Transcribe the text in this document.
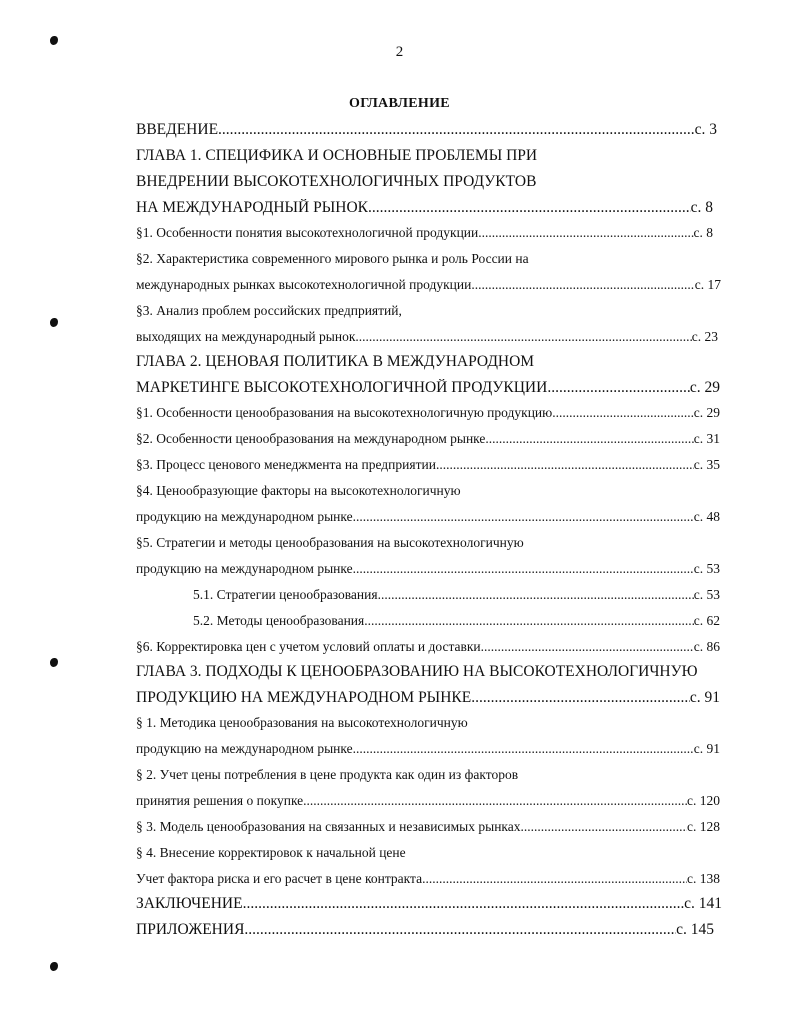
2
ОГЛАВЛЕНИЕ
ВВЕДЕНИЕ .....	с. 3
ГЛАВА 1. СПЕЦИФИКА И ОСНОВНЫЕ ПРОБЛЕМЫ ПРИ
ВНЕДРЕНИИ ВЫСОКОТЕХНОЛОГИЧНЫХ ПРОДУКТОВ
НА МЕЖДУНАРОДНЫЙ РЫНОК .....	с. 8
§1. Особенности понятия высокотехнологичной продукции .....	с. 8
§2. Характеристика современного мирового рынка и роль России на
международных рынках высокотехнологичной продукции .....	с. 17
§3. Анализ проблем российских предприятий,
выходящих на международный рынок .....	с. 23
ГЛАВА 2. ЦЕНОВАЯ ПОЛИТИКА В МЕЖДУНАРОДНОМ
МАРКЕТИНГЕ ВЫСОКОТЕХНОЛОГИЧНОЙ ПРОДУКЦИИ .....	с. 29
§1. Особенности ценообразования на высокотехнологичную продукцию .....	с. 29
§2. Особенности ценообразования на международном рынке .....	с. 31
§3. Процесс ценового менеджмента на предприятии .....	с. 35
§4. Ценообразующие факторы на высокотехнологичную
продукцию на международном рынке .....	с. 48
§5. Стратегии и методы ценообразования на высокотехнологичную
продукцию на международном рынке .....	с. 53
5.1. Стратегии ценообразования .....	с. 53
5.2. Методы ценообразования .....	с. 62
§6. Корректировка цен с учетом условий оплаты и доставки .....	с. 86
ГЛАВА 3. ПОДХОДЫ К ЦЕНООБРАЗОВАНИЮ НА ВЫСОКОТЕХНОЛОГИЧНУЮ
ПРОДУКЦИЮ НА МЕЖДУНАРОДНОМ РЫНКЕ .....	с. 91
§ 1. Методика ценообразования на высокотехнологичную
продукцию на международном рынке .....	с. 91
§ 2. Учет цены потребления в цене продукта как один из факторов
принятия решения о покупке .....	с. 120
§ 3. Модель ценообразования на связанных и независимых рынках .....	с. 128
§ 4. Внесение корректировок к начальной цене
Учет фактора риска и его расчет в цене контракта .....	с. 138
ЗАКЛЮЧЕНИЕ .....	с. 141
ПРИЛОЖЕНИЯ .....	с. 145
